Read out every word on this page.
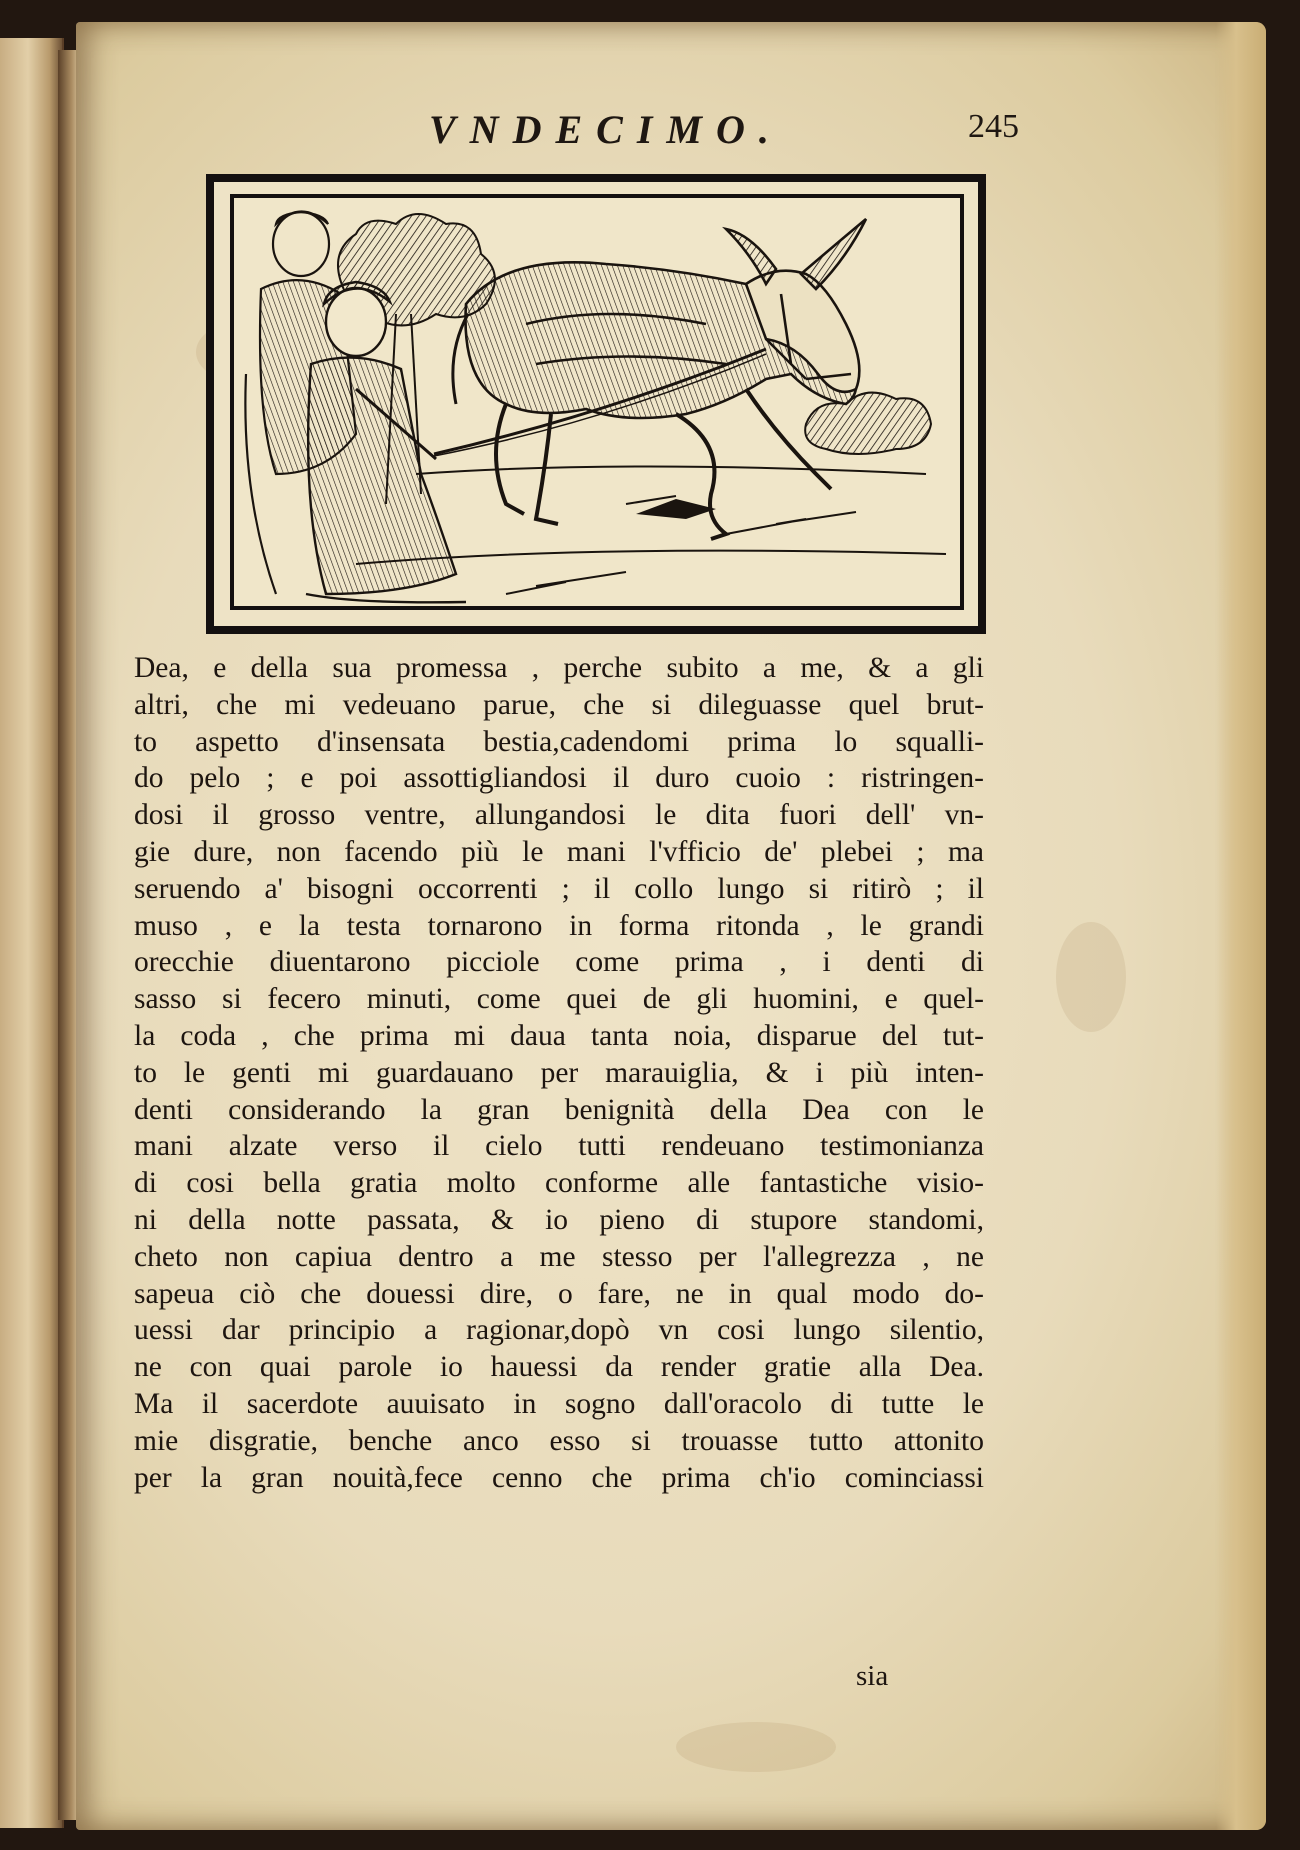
VNDECIMO.	245
Dea, e della sua promessa , perche subito a me, & a gli
altri, che mi vedeuano parue, che si dileguasse quel brut-
to aspetto d'insensata bestia,cadendomi prima lo squalli-
do pelo ; e poi assottigliandosi il duro cuoio : ristringen-
dosi il grosso ventre, allungandosi le dita fuori dell' vn-
gie dure, non facendo più le mani l'vfficio de' plebei ; ma
seruendo a' bisogni occorrenti ; il collo lungo si ritirò ; il
muso , e la testa tornarono in forma ritonda , le grandi
orecchie diuentarono picciole come prima , i denti di
sasso si fecero minuti, come quei de gli huomini, e quel-
la coda , che prima mi daua tanta noia, disparue del tut-
to le genti mi guardauano per marauiglia, & i più inten-
denti considerando la gran benignità della Dea con le
mani alzate verso il cielo tutti rendeuano testimonianza
di cosi bella gratia molto conforme alle fantastiche visio-
ni della notte passata, & io pieno di stupore standomi,
cheto non capiua dentro a me stesso per l'allegrezza , ne
sapeua ciò che douessi dire, o fare, ne in qual modo do-
uessi dar principio a ragionar,dopò vn cosi lungo silentio,
ne con quai parole io hauessi da render gratie alla Dea.
Ma il sacerdote auuisato in sogno dall'oracolo di tutte le
mie disgratie, benche anco esso si trouasse tutto attonito
per la gran nouità,fece cenno che prima ch'io cominciassi
sia
